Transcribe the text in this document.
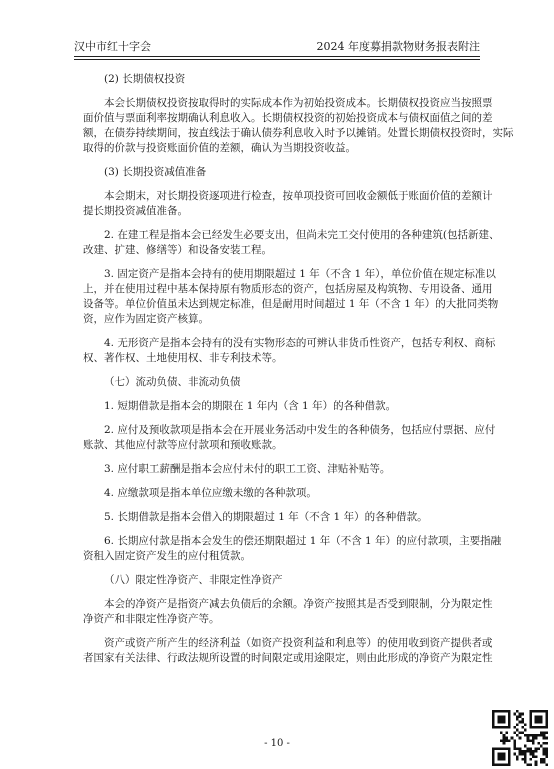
汉中市红十字会	2024 年度募捐款物财务报表附注
(2) 长期债权投资
本会长期债权投资按取得时的实际成本作为初始投资成本。长期债权投资应当按照票
面价值与票面利率按期确认利息收入。长期债权投资的初始投资成本与债权面值之间的差
额，在债券持续期间，按直线法于确认债券利息收入时予以摊销。处置长期债权投资时，实际
取得的价款与投资账面价值的差额，确认为当期投资收益。
(3) 长期投资减值准备
本会期末，对长期投资逐项进行检查，按单项投资可回收金额低于账面价值的差额计
提长期投资减值准备。
2. 在建工程是指本会已经发生必要支出，但尚未完工交付使用的各种建筑(包括新建、
改建、扩建、修缮等）和设备安装工程。
3. 固定资产是指本会持有的使用期限超过 1 年（不含 1 年），单位价值在规定标准以
上，并在使用过程中基本保持原有物质形态的资产，包括房屋及构筑物、专用设备、通用
设备等。单位价值虽未达到规定标准，但是耐用时间超过 1 年（不含 1 年）的大批同类物
资，应作为固定资产核算。
4. 无形资产是指本会持有的没有实物形态的可辨认非货币性资产，包括专利权、商标
权、著作权、土地使用权、非专利技术等。
（七）流动负债、非流动负债
1. 短期借款是指本会的期限在 1 年内（含 1 年）的各种借款。
2. 应付及预收款项是指本会在开展业务活动中发生的各种债务，包括应付票据、应付
账款、其他应付款等应付款项和预收账款。
3. 应付职工薪酬是指本会应付未付的职工工资、津贴补贴等。
4. 应缴款项是指本单位应缴未缴的各种款项。
5. 长期借款是指本会借入的期限超过 1 年（不含 1 年）的各种借款。
6. 长期应付款是指本会发生的偿还期限超过 1 年（不含 1 年）的应付款项，主要指融
资租入固定资产发生的应付租赁款。
（八）限定性净资产、非限定性净资产
本会的净资产是指资产减去负债后的余额。净资产按照其是否受到限制，分为限定性
净资产和非限定性净资产等。
资产或资产所产生的经济利益（如资产投资利益和利息等）的使用收到资产提供者或
者国家有关法律、行政法规所设置的时间限定或用途限定，则由此形成的净资产为限定性
- 10 -
